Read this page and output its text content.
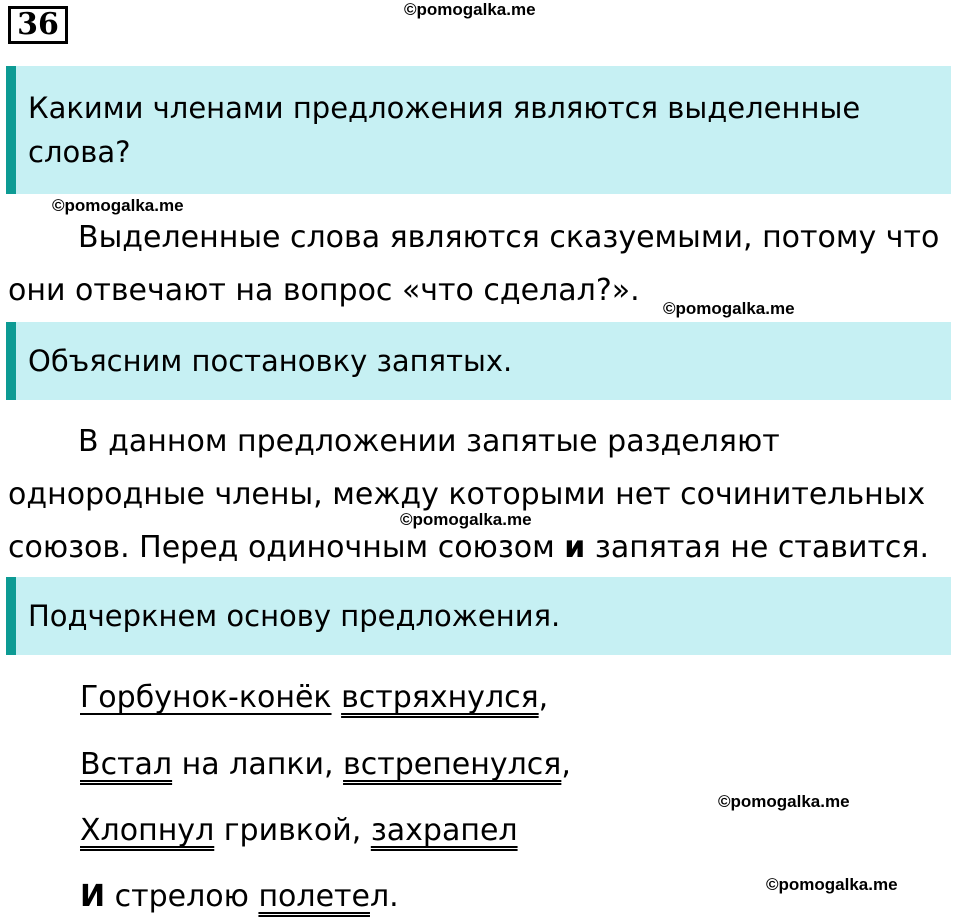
36	©pomogalka.me
Какими членами предложения являются выделенные слова?
©pomogalka.me
Выделенные слова являются сказуемыми, потому что они отвечают на вопрос «что сделал?».
©pomogalka.me
Объясним постановку запятых.
В данном предложении запятые разделяют однородные члены, между которыми нет сочинительных союзов. Перед одиночным союзом и запятая не ставится.
©pomogalka.me
Подчеркнем основу предложения.
Горбунок-конёк встряхнулся,
Встал на лапки, встрепенулся,
©pomogalka.me
Хлопнул гривкой, захрапел
И стрелою полетел.	©pomogalka.me
